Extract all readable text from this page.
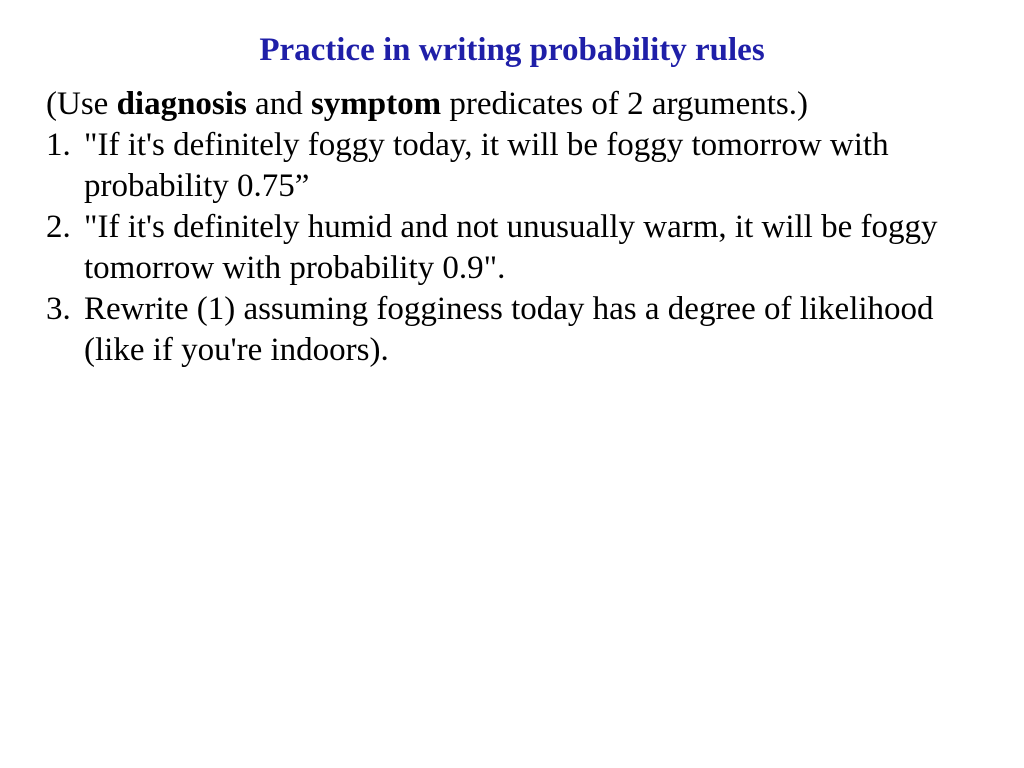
Practice in writing probability rules
(Use diagnosis and symptom predicates of 2 arguments.)
1. "If it's definitely foggy today, it will be foggy tomorrow with probability 0.75”
2. "If it's definitely humid and not unusually warm, it will be foggy tomorrow with probability 0.9".
3. Rewrite (1) assuming fogginess today has a degree of likelihood (like if you're indoors).
